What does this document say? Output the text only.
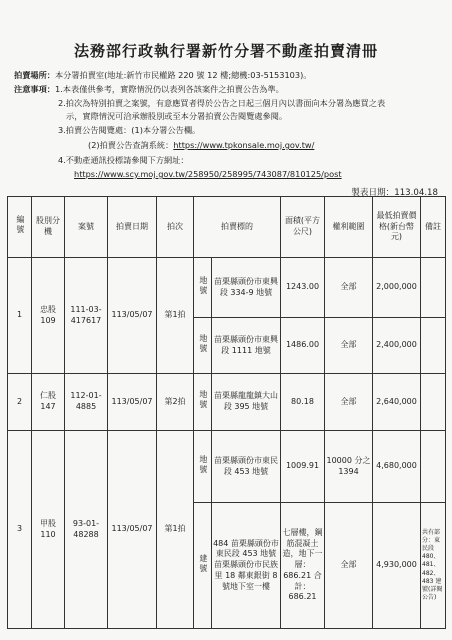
法務部行政執行署新竹分署不動產拍賣清冊
拍賣場所：本分署拍賣室(地址:新竹市民權路 220 號 12 樓;總機:03-5153103)。
注意事項：1.本表僅供參考，實際情況仍以表列各該案件之拍賣公告為準。
2.拍次為特別拍賣之案號，有意應買者得於公告之日起三個月內以書面向本分署為應買之表
示，實際情況可洽承辦股別或至本分署拍賣公告閱覽處參閱。
3.拍賣公告閱覽處：(1)本分署公告欄。
(2)拍賣公告查詢系統：https://www.tpkonsale.moj.gov.tw/
4.不動產通訊投標請參閱下方網址：
https://www.scy.moj.gov.tw/258950/258995/743087/810125/post
製表日期：113.04.18
編號	股別分機	案號	拍賣日期	拍次	拍賣標的		面積(平方公尺)	權利範圍	最低拍賣價格(新台幣元)	備註
1	忠股 109	111-03-417617	113/05/07	第1拍	地號	苗栗縣頭份市東興段 334-9 地號	1243.00	全部	2,000,000	
					地號	苗栗縣頭份市東興段 1111 地號	1486.00	全部	2,400,000	
2	仁股 147	112-01-4885	113/05/07	第2拍	地號	苗栗縣龍龍鎮大山段 395 地號	80.18	全部	2,640,000	
3	甲股 110	93-01-48288	113/05/07	第1拍	地號	苗栗縣頭份市東民段 453 地號	1009.91	10000 分之 1394	4,680,000	
					建號	484 苗栗縣頭份市東民段 453 地號 苗栗縣頭份市民族里 18 鄰東銀街 8 號地下室一樓	七層樓，鋼筋混凝土造，地下一層：686.21 合計：686.21	全部	4,930,000	共有部分：東民段 480、481、482、483 建號(詳閱公告)
